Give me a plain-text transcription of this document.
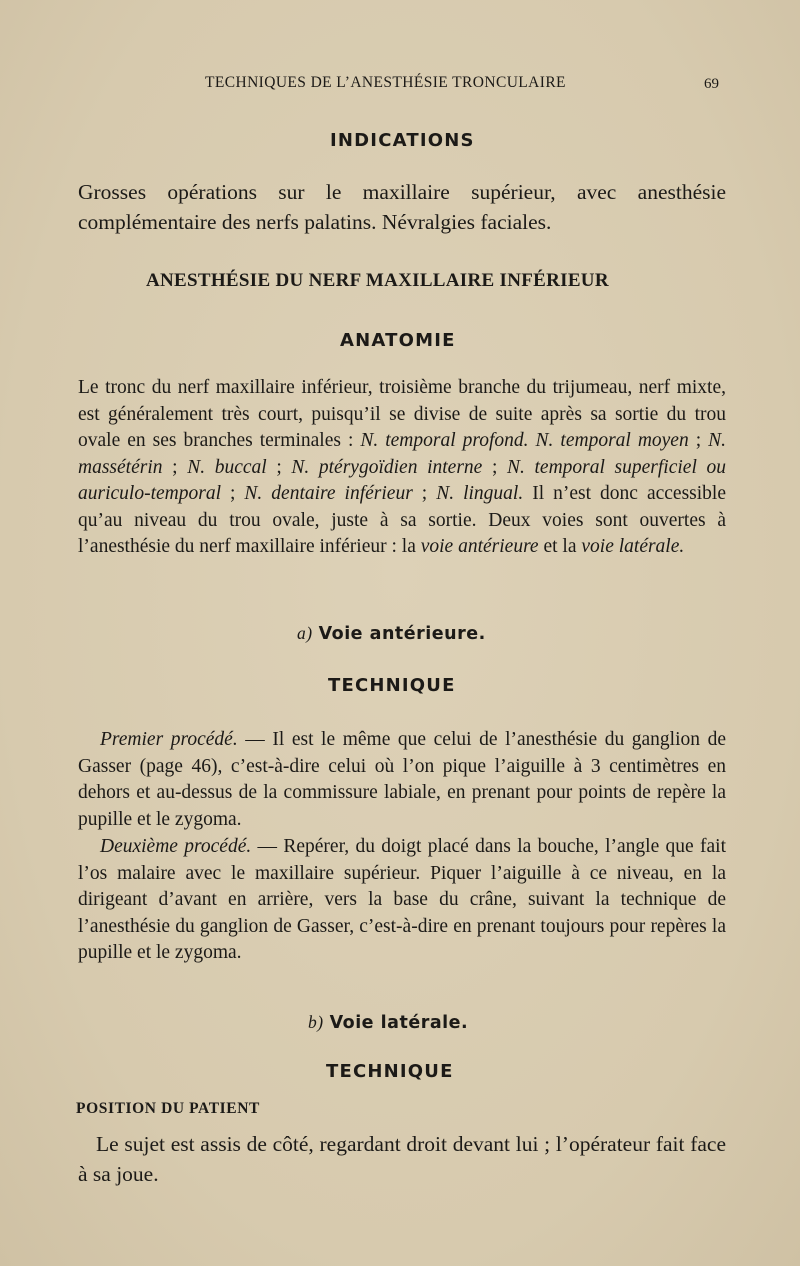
TECHNIQUES DE L’ANESTHÉSIE TRONCULAIRE	69

INDICATIONS

Grosses opérations sur le maxillaire supérieur, avec anesthésie complémentaire des nerfs palatins. Névralgies faciales.

ANESTHÉSIE DU NERF MAXILLAIRE INFÉRIEUR

ANATOMIE

Le tronc du nerf maxillaire inférieur, troisième branche du trijumeau, nerf mixte, est généralement très court, puisqu’il se divise de suite après sa sortie du trou ovale en ses branches terminales : N. temporal profond. N. temporal moyen ; N. massétérin ; N. buccal ; N. ptérygoïdien interne ; N. temporal superficiel ou auriculo-temporal ; N. dentaire inférieur ; N. lingual. Il n’est donc accessible qu’au niveau du trou ovale, juste à sa sortie. Deux voies sont ouvertes à l’anesthésie du nerf maxillaire inférieur : la voie antérieure et la voie latérale.

a) Voie antérieure.

TECHNIQUE

Premier procédé. — Il est le même que celui de l’anesthésie du ganglion de Gasser (page 46), c’est-à-dire celui où l’on pique l’aiguille à 3 centimètres en dehors et au-dessus de la commissure labiale, en prenant pour points de repère la pupille et le zygoma.

Deuxième procédé. — Repérer, du doigt placé dans la bouche, l’angle que fait l’os malaire avec le maxillaire supérieur. Piquer l’aiguille à ce niveau, en la dirigeant d’avant en arrière, vers la base du crâne, suivant la technique de l’anesthésie du ganglion de Gasser, c’est-à-dire en prenant toujours pour repères la pupille et le zygoma.

b) Voie latérale.

TECHNIQUE

POSITION DU PATIENT

Le sujet est assis de côté, regardant droit devant lui ; l’opérateur fait face à sa joue.
